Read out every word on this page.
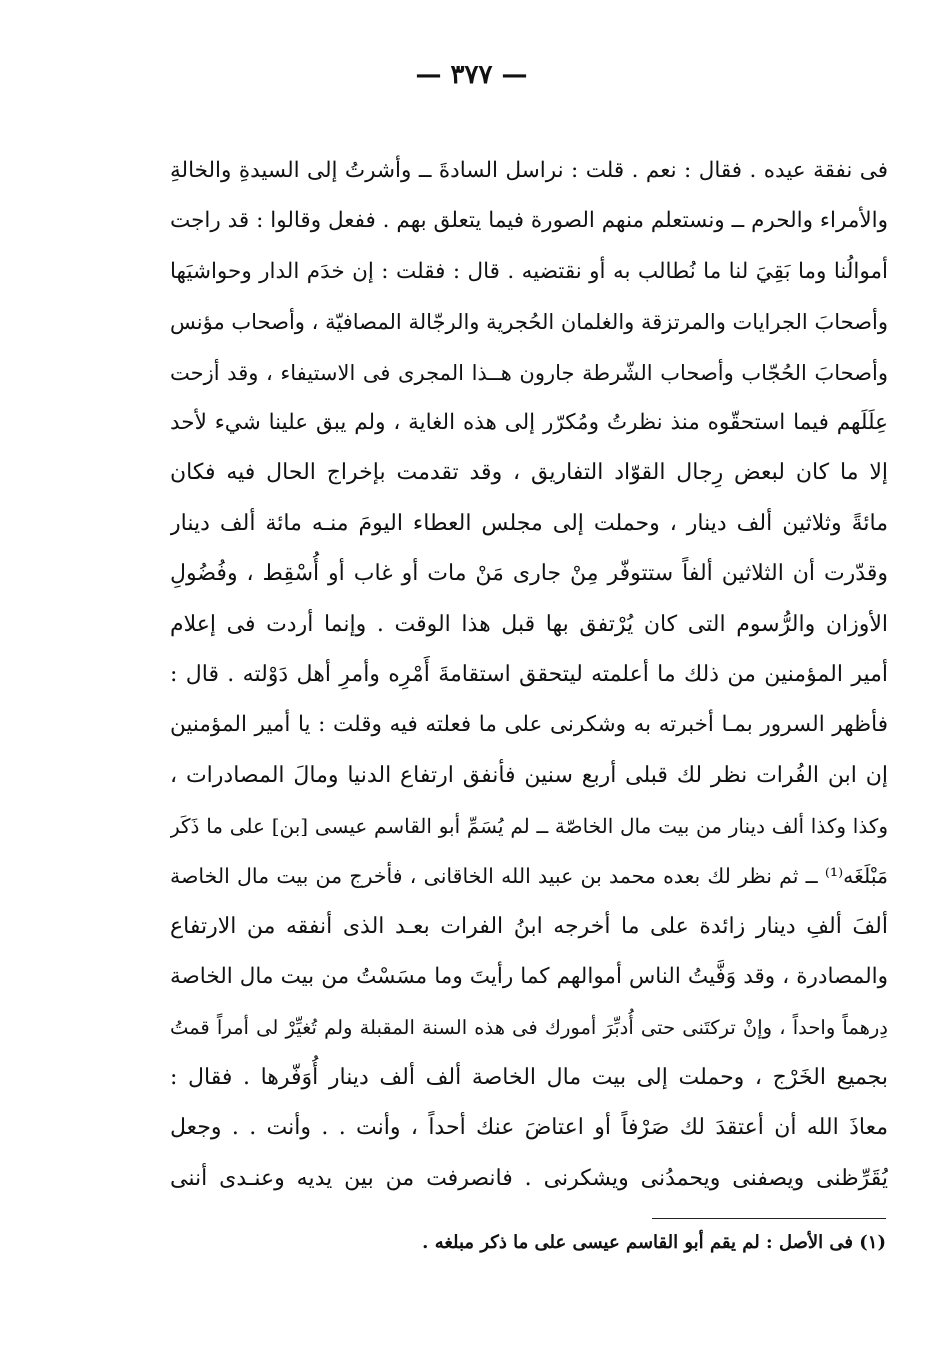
— ٣٧٧ —
فى نفقة عيده . فقال : نعم . قلت : نراسل السادةَ ــ وأشرتُ إلى السيدةِ والخالةِ
والأمراء والحرم ــ ونستعلم منهم الصورة فيما يتعلق بهم . ففعل وقالوا : قد راجت
أموالُنا وما بَقِيَ لنا ما نُطالب به أو نقتضيه . قال : فقلت : إن خدَم الدار وحواشيَها
وأصحابَ الجرايات والمرتزقة والغلمان الحُجرية والرجّالة المصافيّة ، وأصحاب مؤنس
وأصحابَ الحُجّاب وأصحاب الشّرطة جارون هــذا المجرى فى الاستيفاء ، وقد أزحت
عِلَلَهم فيما استحقّوه منذ نظرتُ ومُكرّر إلى هذه الغاية ، ولم يبق علينا شيء لأحد
إلا ما كان لبعض رِجال القوّاد التفاريق ، وقد تقدمت بإخراج الحال فيه فكان
مائةً وثلاثين ألف دينار ، وحملت إلى مجلس العطاء اليومَ منـه مائة ألف دينار
وقدّرت أن الثلاثين ألفاً ستتوفّر مِنْ جارى مَنْ مات أو غاب أو أُسْقِط ، وفُضُولِ
الأوزان والرُّسوم التى كان يُرْتفق بها قبل هذا الوقت . وإنما أردت فى إعلام
أمير المؤمنين من ذلك ما أعلمته ليتحقق استقامةَ أَمْرِه وأمرِ أهل دَوْلته . قال :
فأظهر السرور بمـا أخبرته به وشكرنى على ما فعلته فيه وقلت : يا أمير المؤمنين
إن ابن الفُرات نظر لك قبلى أربع سنين فأنفق ارتفاع الدنيا ومالَ المصادرات ،
وكذا وكذا ألف دينار من بيت مال الخاصّة ــ لم يُسَمِّ أبو القاسم عيسى [بن] على ما ذَكَر
مَبْلَغَه⁽¹⁾ ــ ثم نظر لك بعده محمد بن عبيد الله الخاقانى ، فأخرج من بيت مال الخاصة
ألفَ ألفِ دينار زائدة على ما أخرجه ابنُ الفرات بعـد الذى أنفقه من الارتفاع
والمصادرة ، وقد وَفَّيتُ الناس أموالهم كما رأيتَ وما مسَسْتُ من بيت مال الخاصة
دِرهماً واحداً ، وإنْ تركتَنى حتى أُدبِّرَ أمورك فى هذه السنة المقبلة ولم تُغيِّرْ لى أمراً قمتُ
بجميع الخَرْج ، وحملت إلى بيت مال الخاصة ألف ألف دينار أُوَفّرها . فقال :
معاذَ الله أن أعتقدَ لك صَرْفاً أو اعتاضَ عنك أحداً ، وأنت . . وأنت . . وجعل
يُقَرِّظنى ويصفنى ويحمدُنى ويشكرنى . فانصرفت من بين يديه وعنـدى أننى
(١) فى الأصل : لم يقم أبو القاسم عيسى على ما ذكر مبلغه .
